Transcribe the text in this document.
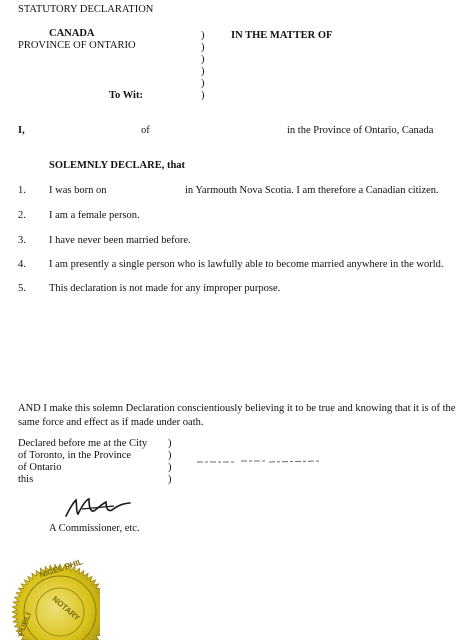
STATUTORY DECLARATION
CANADA
PROVINCE OF ONTARIO
To Wit:
IN THE MATTER OF
)
)
)
)
)
)
I,	of	in the Province of Ontario, Canada
SOLEMNLY DECLARE, that
1. I was born on	in Yarmouth Nova Scotia. I am therefore a Canadian citizen.
2. I am a female person.
3. I have never been married before.
4. I am presently a single person who is lawfully able to become married anywhere in the world.
5. This declaration is not made for any improper purpose.
AND I make this solemn Declaration conscientiously believing it to be true and knowing that it is of the same force and effect as if made under oath.
Declared before me at the City
of Toronto, in the Province
of Ontario
this
)
)
)
)
A Commissioner, etc.
NIGEL PHIL
NOTARY
PUBLI
